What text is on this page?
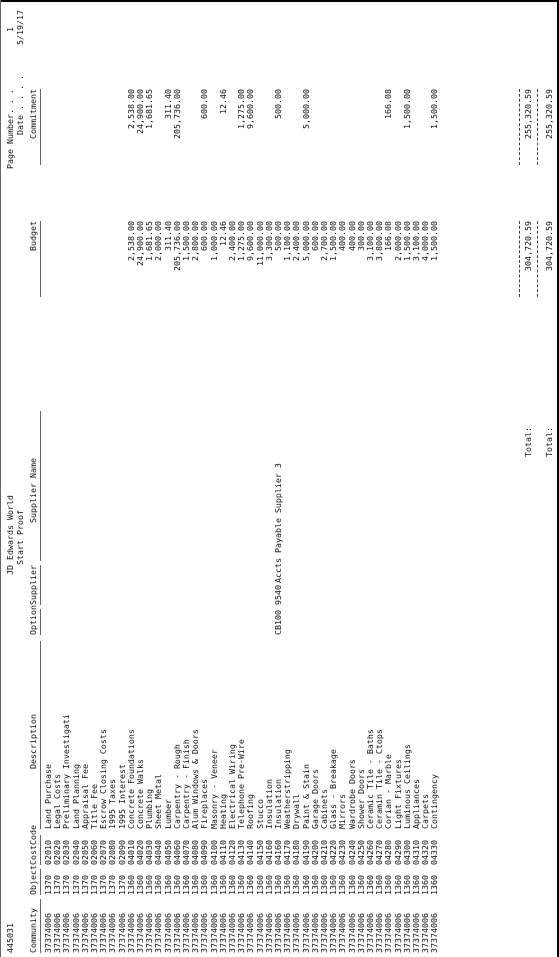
445031
JD Edwards World Start Proof
Page Number. . .
1
Date . . . .
5/19/17
Community
Object
CostCode
Description
Option
Supplier
Supplier Name
Budget
Commitment
37374006
1370
02010
Land Purchase
37374006
1370
02020
Legal Costs
37374006
1370
02030
Preliminary Investigati
37374006
1370
02040
Land Planning
37374006
1370
02050
Appraisal Fee
37374006
1370
02060
Title Fee
37374006
1370
02070
Escrow Closing Costs
37374006
1370
02080
1995 Taxes
37374006
1370
02090
1995 Interest
37374006
1360
04010
Concrete Foundations
2,538.00
2,538.00
37374006
1360
04020
Concrete Walks
24,900.00
24,900.00
37374006
1360
04030
Plumbing
1,681.65
1,681.65
37374006
1360
04040
Sheet Metal
2,000.00
37374006
1360
04050
Lumber
311.40
311.40
37374006
1360
04060
Carpentry - Rough
205,736.00
205,736.00
37374006
1360
04070
Carpentry - Finish
1,500.00
37374006
1360
04080
Alum Windows & Doors
2,800.00
37374006
1360
04090
Fireplaces
600.00
600.00
37374006
1360
04100
Masonry - Veneer
1,000.00
37374006
1360
04110
Heating
12.46
12.46
37374006
1360
04120
Electrical Wiring
2,400.00
37374006
1360
04130
Telephone Pre-Wire
1,275.00
1,275.00
37374006
1360
04140
Roofing
9,600.00
9,600.00
37374006
1360
04150
Stucco
11,000.00
37374006
1360
04160
Insulation
3,300.00
37374006
1360
04160
Insulation
CB100
9540
Accts Payable Supplier 3
500.00
500.00
37374006
1360
04170
Weatherstripping
1,100.00
37374006
1360
04180
Drywall
2,400.00
37374006
1360
04190
Paint & Stain
5,000.00
5,000.00
37374006
1360
04200
Garage Doors
600.00
37374006
1360
04210
Cabinets
2,700.00
37374006
1360
04220
Glass - Breakage
1,500.00
37374006
1360
04230
Mirrors
400.00
37374006
1360
04240
Wardrobe Doors
400.00
37374006
1360
04250
Shower Doors
300.00
37374006
1360
04260
Ceramic Tile - Baths
3,100.00
37374006
1360
04270
Ceramin Tile - Ctops
3,800.00
37374006
1360
04280
Corian - Marble
166.08
166.08
37374006
1360
04290
Light Fixtures
2,000.00
37374006
1360
04300
Luminous Ceilings
1,500.00
1,500.00
37374006
1360
04310
Appliances
3,100.00
37374006
1360
04320
Carpets
4,000.00
37374006
1360
04330
Contingency
1,500.00
1,500.00
Total:
304,720.59
255,320.59
Total:
304,720.59
255,320.59
